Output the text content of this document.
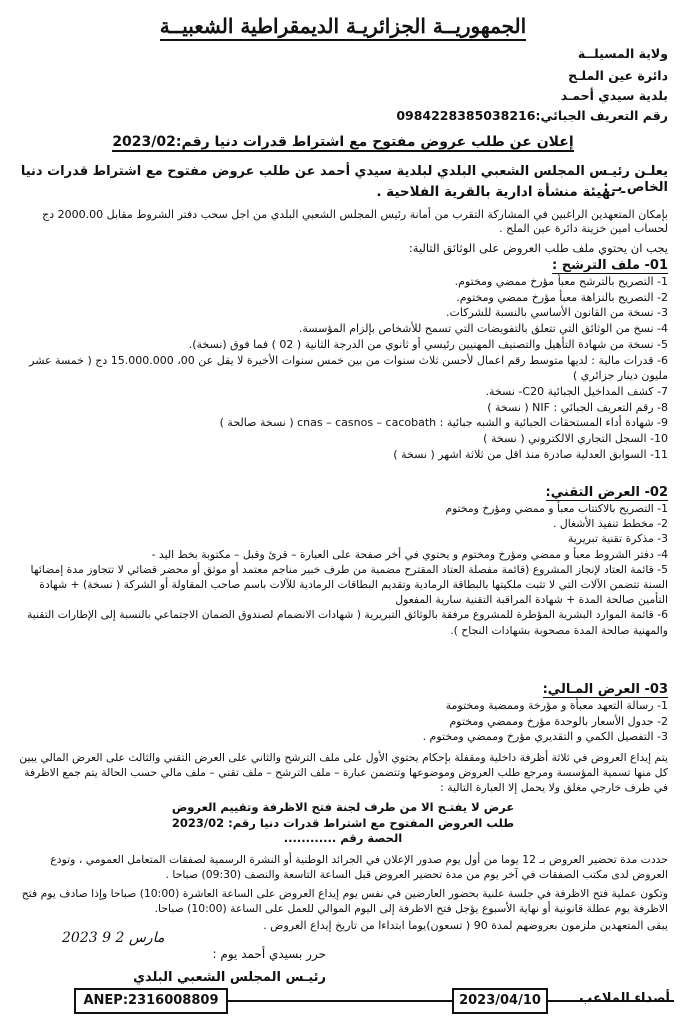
الجمهوريــة الجزائريـة الديمقراطية الشعبيــة
ولاية المسيلــة
دائرة عين الملـح
بلدية سيدي أحمـد
رقم التعريف الجبائي:0984228385038216
إعلان عن طلب عروض مفتوح مع اشتراط قدرات دنيا رقم:2023/02
يعلـن رئيـس المجلس الشعبي البلدي لبلدية سيدي أحمد عن طلب عروض مفتوح مع اشتراط قدرات دنيا الخاص بـ :
- تهيئة منشأة ادارية بالقرية الفلاحية .
بإمكان المتعهدين الراغبين في المشاركة التقرب من أمانة رئيس المجلس الشعبي البلدي من اجل سحب دفتر الشروط مقابل 2000.00 دج لحساب امين خزينة دائرة عين الملح .
يجب ان يحتوي ملف طلب العروض على الوثائق التالية:
01- ملف الترشح :
1- التصريح بالترشح معبأ مؤرخ ممضي ومختوم.
2- التصريح بالنزاهة معبأ مؤرخ ممضي ومختوم.
3- نسخة من القانون الأساسي بالنسبة للشركات.
4- نسخ من الوثائق التي تتعلق بالتفويضات التي تسمح للأشخاص بإلزام المؤسسة.
5- نسخة من شهادة التأهيل والتصنيف المهنيين رئيسي أو ثانوي من الدرجة الثانية ( 02 ) فما فوق (نسخة).
6- قدرات مالية : لديها متوسط رقم اعمال لأحسن ثلاث سنوات من بين خمس سنوات الأخيرة لا يقل عن 00، 15.000.000 دج ( خمسة عشر مليون دينار جزائري )
7- كشف المداخيل الجبائية C20- نسخة.
8- رقم التعريف الجبائي : NIF ( نسخة )
9- شهادة أداء المستحقات الجبائية و الشبه جبائية : cnas – casnos – cacobath ( نسخة صالحة )
10- السجل التجاري الالكتروني ( نسخة )
11- السوابق العدلية صادرة منذ اقل من ثلاثة اشهر ( نسخة )
02- العرض التقني:
1- التصريح بالاكتتاب معبأ و ممضي ومؤرخ ومختوم
2- مخطط تنفيذ الأشغال .
3- مذكرة تقنية تبريرية
4- دفتر الشروط معبأ و ممضي ومؤرخ ومختوم و يحتوي في أخر صفحة على العبارة – قرئ وقبل – مكتوبة بخط اليد -
5- قائمة العتاد لإنجاز المشروع (قائمة مفصلة العتاد المقترح مضمية من طرف خبير مناجم معتمد أو موثق أو محضر قضائي لا تتجاوز مدة إمضائها السنة تتضمن الآلات التي لا تثبت ملكيتها بالبطاقة الرمادية وتقديم البطاقات الرمادية للآلات باسم صاحب المقاولة أو الشركة ( نسخة) + شهادة التأمين صالحة المدة + شهادة المراقبة التقنية سارية المفعول
6- قائمة الموارد البشرية المؤطرة للمشروع مرفقة بالوثائق التبريرية ( شهادات الانضمام لصندوق الضمان الاجتماعي بالنسبة إلى الإطارات التقنية والمهنية صالحة المدة مصحوبة بشهادات النجاح ).
03- العرض المـالي:
1- رسالة التعهد معبأة و مؤرخة وممضية ومختومة
2- جدول الأسعار بالوحدة مؤرخ وممضي ومختوم
3- التفصيل الكمي و التقديري مؤرخ وممضي ومختوم .
يتم إيداع العروض في ثلاثة أظرفة داخلية ومقفلة بإحكام يحتوي الأول على ملف الترشح والثاني على العرض التقني والثالث على العرض المالي يبين كل منها تسمية المؤسسة ومرجع طلب العروض وموضوعها وتتضمن عبارة – ملف الترشح – ملف تقني – ملف مالي حسب الحالة يتم جمع الاظرفة في ظرف خارجي مغلق ولا يحمل إلا العبارة التالية :
عرض لا يفتـح الا من طرف لجنة فتح الاظرفة وتقييم العروض
طلب العروض المفتوح مع اشتراط قدرات دنيا رقم: 2023/02
الحصة رقم ............
حددت مدة تحضير العروض بـ 12 يوما من أول يوم صدور الإعلان في الجرائد الوطنية أو النشرة الرسمية لصفقات المتعامل العمومي ، وتودع العروض لدى مكتب الصفقات في آخر يوم من مدة تحضير العروض قبل الساعة التاسعة والنصف (09:30) صباحا .
وتكون عملية فتح الاظرفة في جلسة علنية بحضور العارضين في نفس يوم إيداع العروض على الساعة العاشرة (10:00) صباحا وإذا صادف يوم فتح الاظرفة يوم عطلة قانونية أو نهاية الأسبوع يؤجل فتح الاظرفة إلى اليوم الموالي للعمل على الساعة (10:00) صباحا.
يبقى المتعهدين ملزمون بعروضهم لمدة 90 ( تسعون)يوما ابتداءا من تاريخ إيداع العروض .
حرر بسيدي أحمد يوم :
2023 مارس 2 9
رئيـس المجلس الشعبي البلدي
ANEP:2316008809	2023/04/10	أصداء الملاعب
